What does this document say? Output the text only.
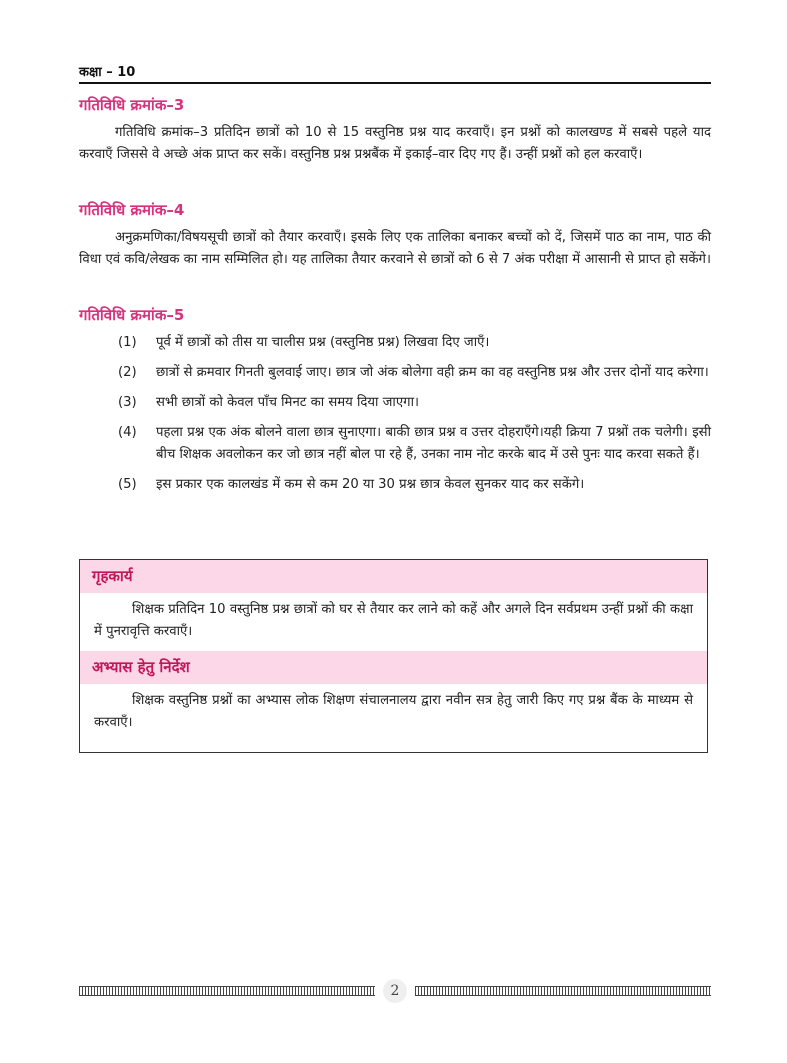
कक्षा – 10
गतिविधि क्रमांक–3

गतिविधि क्रमांक–3 प्रतिदिन छात्रों को 10 से 15 वस्तुनिष्ठ प्रश्न याद करवाएँ। इन प्रश्नों को कालखण्ड में सबसे पहले याद करवाएँ जिससे वे अच्छे अंक प्राप्त कर सकें। वस्तुनिष्ठ प्रश्न प्रश्नबैंक में इकाई–वार दिए गए हैं। उन्हीं प्रश्नों को हल करवाएँ।

गतिविधि क्रमांक–4

अनुक्रमणिका/विषयसूची छात्रों को तैयार करवाएँ। इसके लिए एक तालिका बनाकर बच्चों को दें, जिसमें पाठ का नाम, पाठ की विधा एवं कवि/लेखक का नाम सम्मिलित हो। यह तालिका तैयार करवाने से छात्रों को 6 से 7 अंक परीक्षा में आसानी से प्राप्त हो सकेंगे।

गतिविधि क्रमांक–5
(1) पूर्व में छात्रों को तीस या चालीस प्रश्न (वस्तुनिष्ठ प्रश्न) लिखवा दिए जाएँ।
(2) छात्रों से क्रमवार गिनती बुलवाई जाए। छात्र जो अंक बोलेगा वही क्रम का वह वस्तुनिष्ठ प्रश्न और उत्तर दोनों याद करेगा।
(3) सभी छात्रों को केवल पाँच मिनट का समय दिया जाएगा।
(4) पहला प्रश्न एक अंक बोलने वाला छात्र सुनाएगा। बाकी छात्र प्रश्न व उत्तर दोहराएँगे।यही क्रिया 7 प्रश्नों तक चलेगी। इसी बीच शिक्षक अवलोकन कर जो छात्र नहीं बोल पा रहे हैं, उनका नाम नोट करके बाद में उसे पुनः याद करवा सकते हैं।
(5) इस प्रकार एक कालखंड में कम से कम 20 या 30 प्रश्न छात्र केवल सुनकर याद कर सकेंगे।
गृहकार्य

शिक्षक प्रतिदिन 10 वस्तुनिष्ठ प्रश्न छात्रों को घर से तैयार कर लाने को कहें और अगले दिन सर्वप्रथम उन्हीं प्रश्नों की कक्षा में पुनरावृत्ति करवाएँ।

अभ्यास हेतु निर्देश

शिक्षक वस्तुनिष्ठ प्रश्नों का अभ्यास लोक शिक्षण संचालनालय द्वारा नवीन सत्र हेतु जारी किए गए प्रश्न बैंक के माध्यम से करवाएँ।

2
